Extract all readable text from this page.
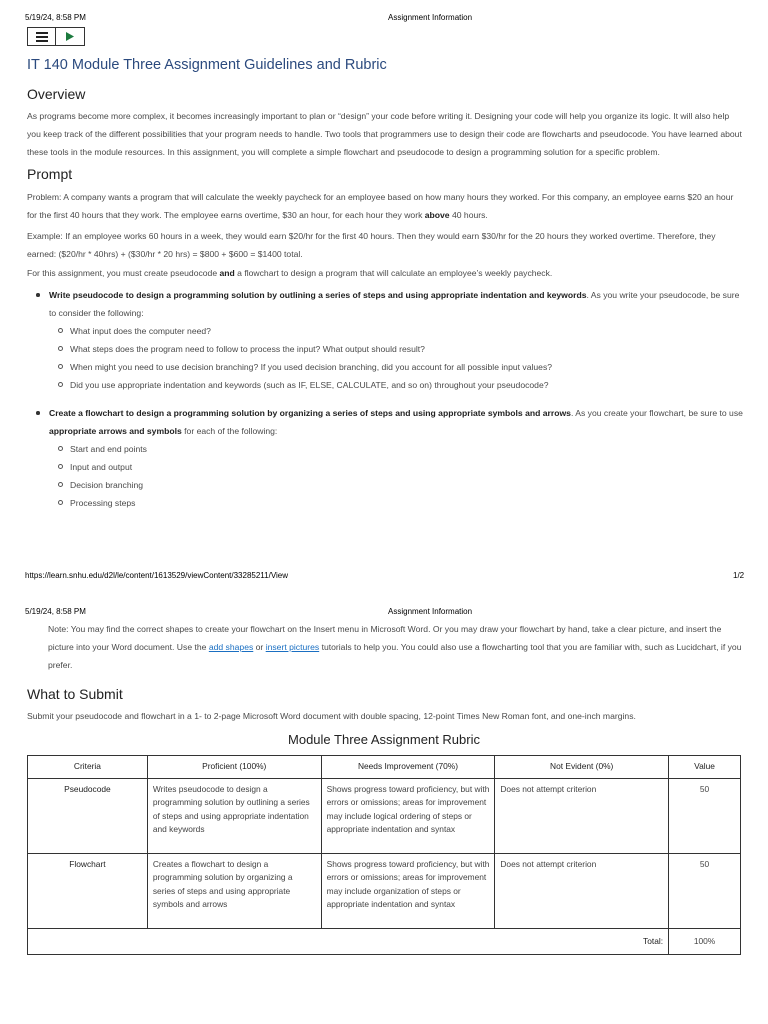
5/19/24, 8:58 PM	Assignment Information
IT 140 Module Three Assignment Guidelines and Rubric
Overview
As programs become more complex, it becomes increasingly important to plan or “design” your code before writing it. Designing your code will help you organize its logic. It will also help you keep track of the different possibilities that your program needs to handle. Two tools that programmers use to design their code are flowcharts and pseudocode. You have learned about these tools in the module resources. In this assignment, you will complete a simple flowchart and pseudocode to design a programming solution for a specific problem.
Prompt
Problem: A company wants a program that will calculate the weekly paycheck for an employee based on how many hours they worked. For this company, an employee earns $20 an hour for the first 40 hours that they work. The employee earns overtime, $30 an hour, for each hour they work above 40 hours.
Example: If an employee works 60 hours in a week, they would earn $20/hr for the first 40 hours. Then they would earn $30/hr for the 20 hours they worked overtime. Therefore, they earned: ($20/hr * 40hrs) + ($30/hr * 20 hrs) = $800 + $600 = $1400 total.
For this assignment, you must create pseudocode and a flowchart to design a program that will calculate an employee’s weekly paycheck.
Write pseudocode to design a programming solution by outlining a series of steps and using appropriate indentation and keywords. As you write your pseudocode, be sure to consider the following:
What input does the computer need?
What steps does the program need to follow to process the input? What output should result?
When might you need to use decision branching? If you used decision branching, did you account for all possible input values?
Did you use appropriate indentation and keywords (such as IF, ELSE, CALCULATE, and so on) throughout your pseudocode?
Create a flowchart to design a programming solution by organizing a series of steps and using appropriate symbols and arrows. As you create your flowchart, be sure to use appropriate arrows and symbols for each of the following:
Start and end points
Input and output
Decision branching
Processing steps
https://learn.snhu.edu/d2l/le/content/1613529/viewContent/33285211/View	1/2
5/19/24, 8:58 PM	Assignment Information
Note: You may find the correct shapes to create your flowchart on the Insert menu in Microsoft Word. Or you may draw your flowchart by hand, take a clear picture, and insert the picture into your Word document. Use the add shapes or insert pictures tutorials to help you. You could also use a flowcharting tool that you are familiar with, such as Lucidchart, if you prefer.
What to Submit
Submit your pseudocode and flowchart in a 1- to 2-page Microsoft Word document with double spacing, 12-point Times New Roman font, and one-inch margins.
Module Three Assignment Rubric
Criteria	Proficient (100%)	Needs Improvement (70%)	Not Evident (0%)	Value
Pseudocode	Writes pseudocode to design a programming solution by outlining a series of steps and using appropriate indentation and keywords	Shows progress toward proficiency, but with errors or omissions; areas for improvement may include logical ordering of steps or appropriate indentation and syntax	Does not attempt criterion	50
Flowchart	Creates a flowchart to design a programming solution by organizing a series of steps and using appropriate symbols and arrows	Shows progress toward proficiency, but with errors or omissions; areas for improvement may include organization of steps or appropriate indentation and syntax	Does not attempt criterion	50
Total:				100%
